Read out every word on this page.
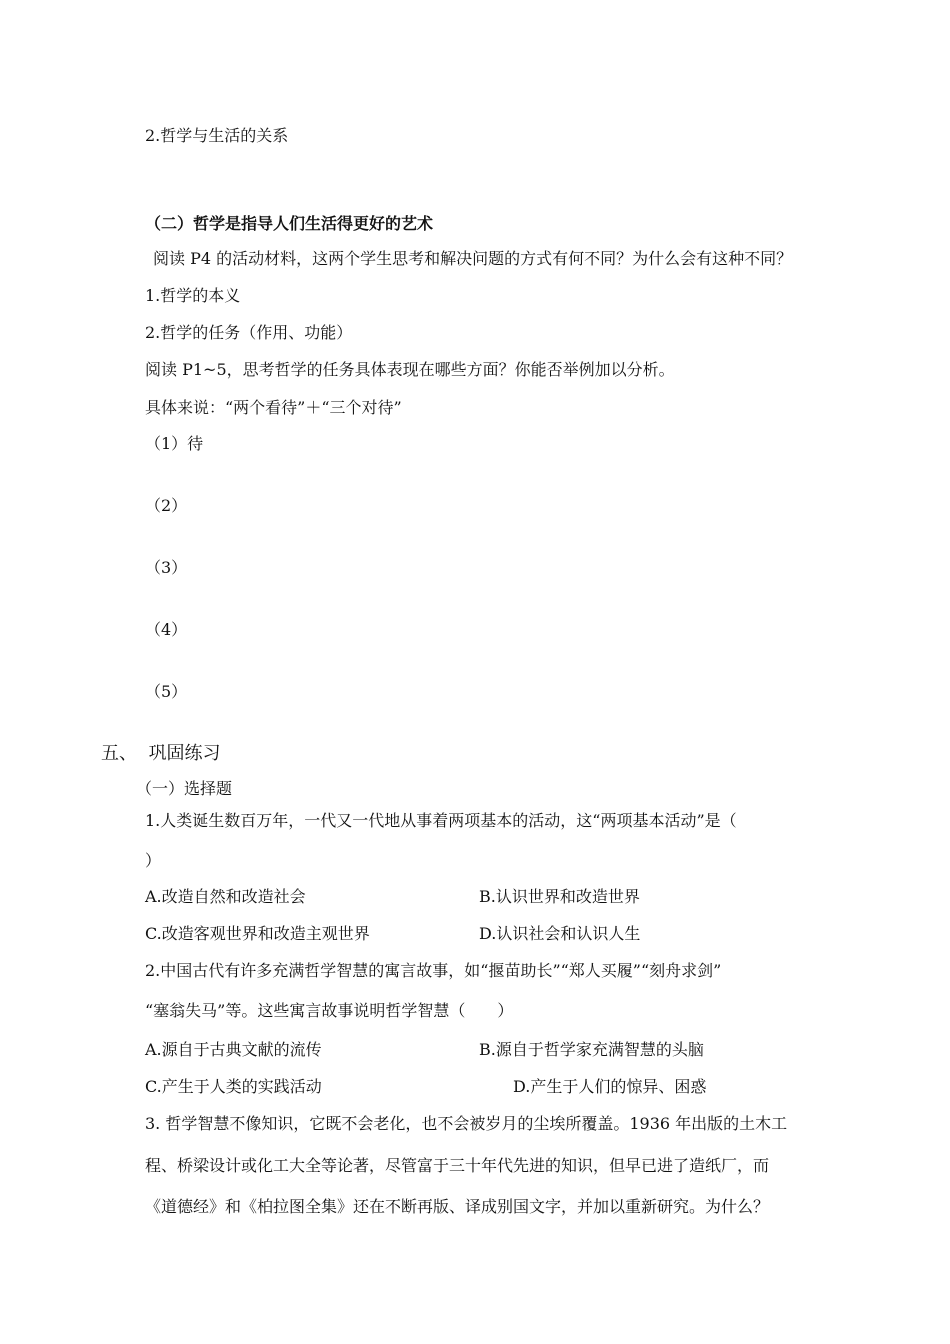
2.哲学与生活的关系
（二）哲学是指导人们生活得更好的艺术
阅读 P4 的活动材料，这两个学生思考和解决问题的方式有何不同？为什么会有这种不同？
1.哲学的本义
2.哲学的任务（作用、功能）
阅读 P1~5，思考哲学的任务具体表现在哪些方面？你能否举例加以分析。
具体来说：“两个看待”＋“三个对待”
（1）待
（2）
（3）
（4）
（5）
五、  巩固练习
（一）选择题
1.人类诞生数百万年，一代又一代地从事着两项基本的活动，这“两项基本活动”是（
）
A.改造自然和改造社会	B.认识世界和改造世界
C.改造客观世界和改造主观世界	D.认识社会和认识人生
2.中国古代有许多充满哲学智慧的寓言故事，如“揠苗助长”“郑人买履”“刻舟求剑”
“塞翁失马”等。这些寓言故事说明哲学智慧（　　）
A.源自于古典文献的流传	B.源自于哲学家充满智慧的头脑
C.产生于人类的实践活动	D.产生于人们的惊异、困惑
3. 哲学智慧不像知识，它既不会老化，也不会被岁月的尘埃所覆盖。1936 年出版的土木工
程、桥梁设计或化工大全等论著，尽管富于三十年代先进的知识，但早已进了造纸厂，而
《道德经》和《柏拉图全集》还在不断再版、译成别国文字，并加以重新研究。为什么？
